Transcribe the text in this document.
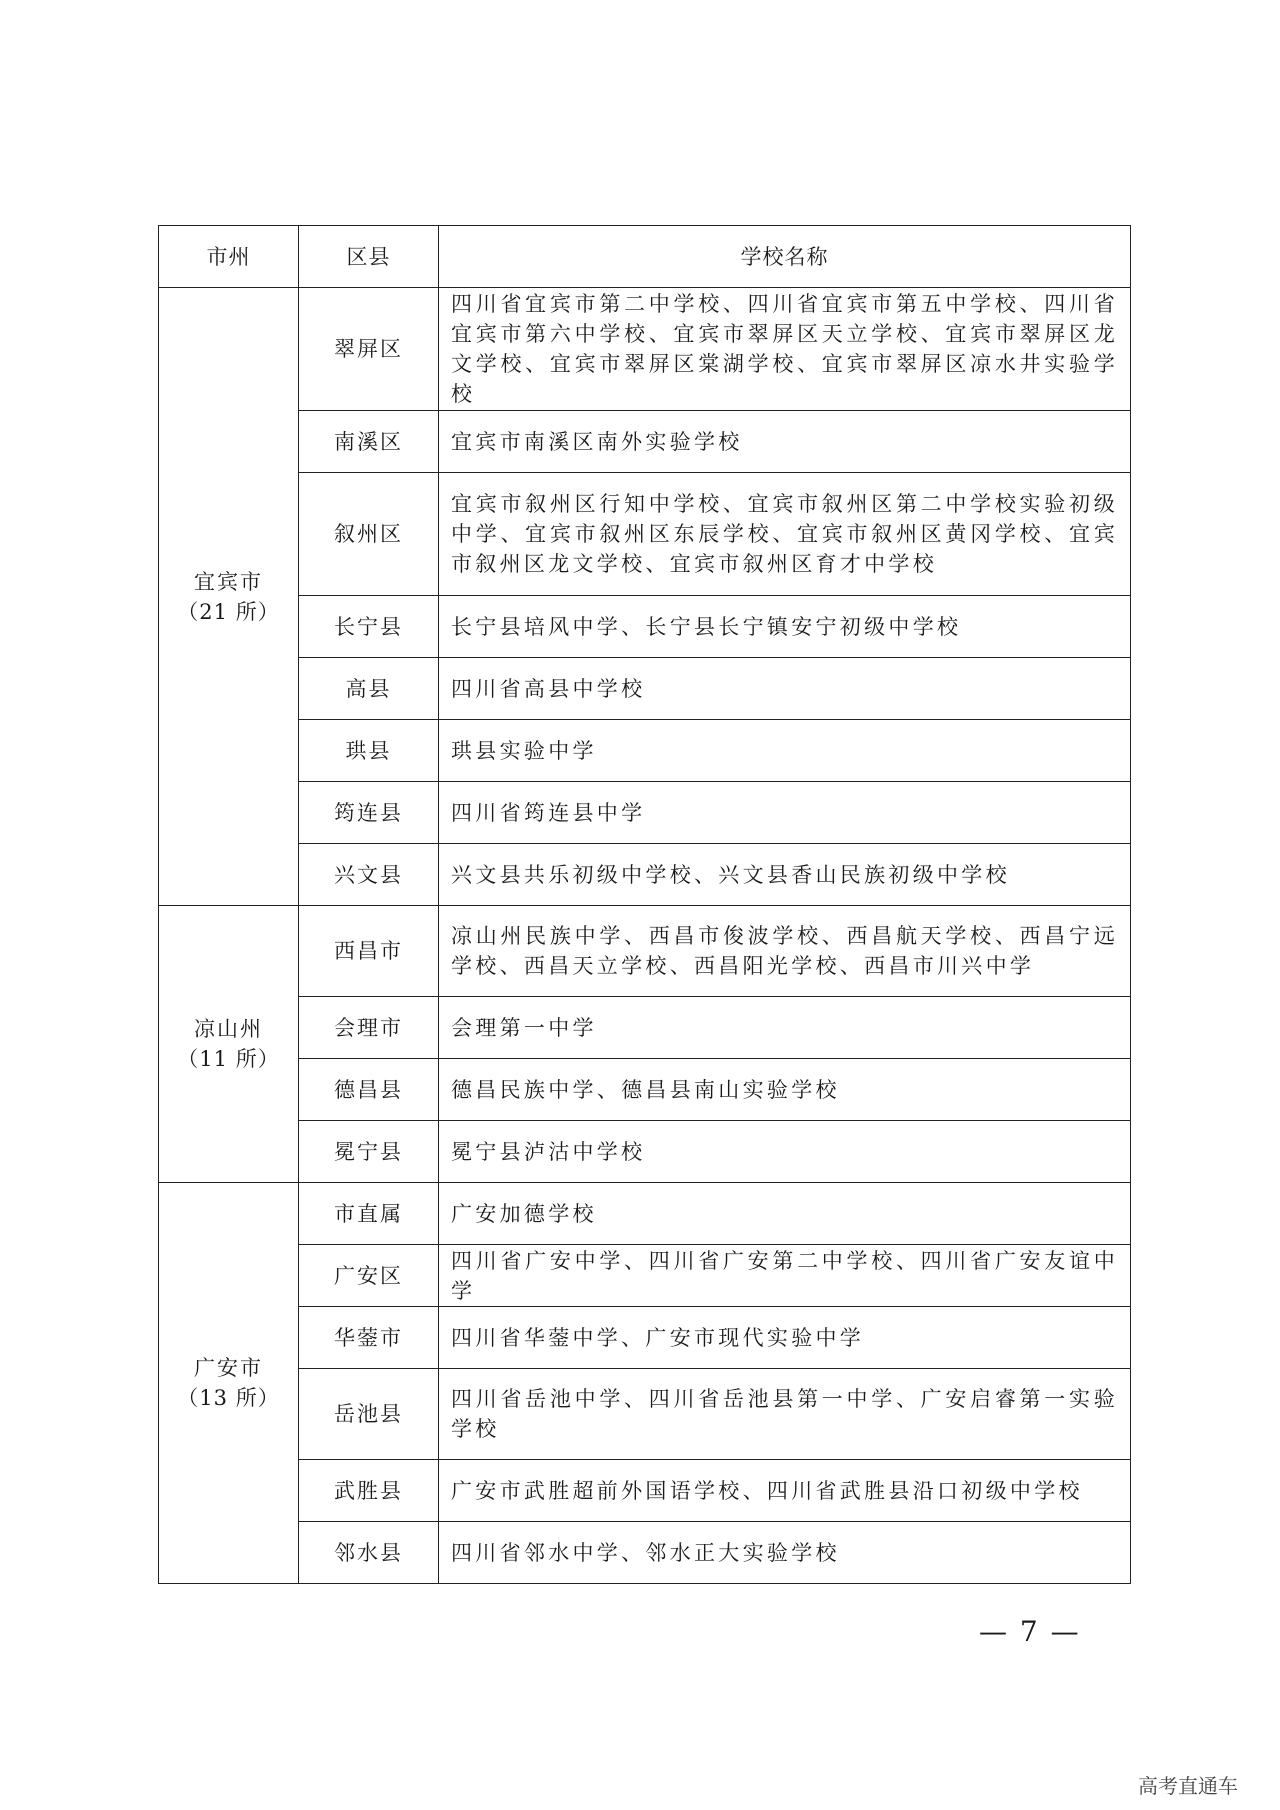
市州	区县	学校名称
宜宾市
（21 所）	翠屏区	四川省宜宾市第二中学校、四川省宜宾市第五中学校、四川省宜宾市第六中学校、宜宾市翠屏区天立学校、宜宾市翠屏区龙文学校、宜宾市翠屏区棠湖学校、宜宾市翠屏区凉水井实验学校
	南溪区	宜宾市南溪区南外实验学校
	叙州区	宜宾市叙州区行知中学校、宜宾市叙州区第二中学校实验初级中学、宜宾市叙州区东辰学校、宜宾市叙州区黄冈学校、宜宾市叙州区龙文学校、宜宾市叙州区育才中学校
	长宁县	长宁县培风中学、长宁县长宁镇安宁初级中学校
	高县	四川省高县中学校
	珙县	珙县实验中学
	筠连县	四川省筠连县中学
	兴文县	兴文县共乐初级中学校、兴文县香山民族初级中学校
凉山州
（11 所）	西昌市	凉山州民族中学、西昌市俊波学校、西昌航天学校、西昌宁远学校、西昌天立学校、西昌阳光学校、西昌市川兴中学
	会理市	会理第一中学
	德昌县	德昌民族中学、德昌县南山实验学校
	冕宁县	冕宁县泸沽中学校
广安市
（13 所）	市直属	广安加德学校
	广安区	四川省广安中学、四川省广安第二中学校、四川省广安友谊中学
	华蓥市	四川省华蓥中学、广安市现代实验中学
	岳池县	四川省岳池中学、四川省岳池县第一中学、广安启睿第一实验学校
	武胜县	广安市武胜超前外国语学校、四川省武胜县沿口初级中学校
	邻水县	四川省邻水中学、邻水正大实验学校
— 7 —
高考直通车
